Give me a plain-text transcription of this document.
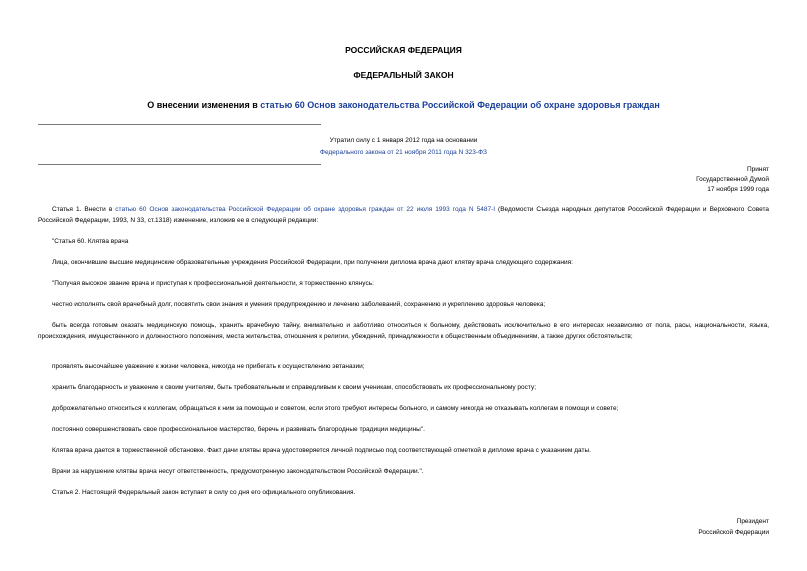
РОССИЙСКАЯ ФЕДЕРАЦИЯ
ФЕДЕРАЛЬНЫЙ ЗАКОН
О внесении изменения в статью 60 Основ законодательства Российской Федерации об охране здоровья граждан
Утратил силу с 1 января 2012 года на основании
Федерального закона от 21 ноября 2011 года N 323-ФЗ
Принят
Государственной Думой
17 ноября 1999 года
Статья 1. Внести в статью 60 Основ законодательства Российской Федерации об охране здоровья граждан от 22 июля 1993 года N 5487-I (Ведомости Съезда народных депутатов Российской Федерации и Верховного Совета Российской Федерации, 1993, N 33, ст.1318) изменение, изложив ее в следующей редакции:
"Статья 60. Клятва врача
Лица, окончившие высшие медицинские образовательные учреждения Российской Федерации, при получении диплома врача дают клятву врача следующего содержания:
"Получая высокое звание врача и приступая к профессиональной деятельности, я торжественно клянусь:
честно исполнять свой врачебный долг, посвятить свои знания и умения предупреждению и лечению заболеваний, сохранению и укреплению здоровья человека;
быть всегда готовым оказать медицинскую помощь, хранить врачебную тайну, внимательно и заботливо относиться к больному, действовать исключительно в его интересах независимо от пола, расы, национальности, языка, происхождения, имущественного и должностного положения, места жительства, отношения к религии, убеждений, принадлежности к общественным объединениям, а также других обстоятельств;
проявлять высочайшее уважение к жизни человека, никогда не прибегать к осуществлению эвтаназии;
хранить благодарность и уважение к своим учителям, быть требовательным и справедливым к своим ученикам, способствовать их профессиональному росту;
доброжелательно относиться к коллегам, обращаться к ним за помощью и советом, если этого требуют интересы больного, и самому никогда не отказывать коллегам в помощи и совете;
постоянно совершенствовать свое профессиональное мастерство, беречь и развивать благородные традиции медицины".
Клятва врача дается в торжественной обстановке. Факт дачи клятвы врача удостоверяется личной подписью под соответствующей отметкой в дипломе врача с указанием даты.
Врачи за нарушение клятвы врача несут ответственность, предусмотренную законодательством Российской Федерации.".
Статья 2. Настоящий Федеральный закон вступает в силу со дня его официального опубликования.
Президент
Российской Федерации
